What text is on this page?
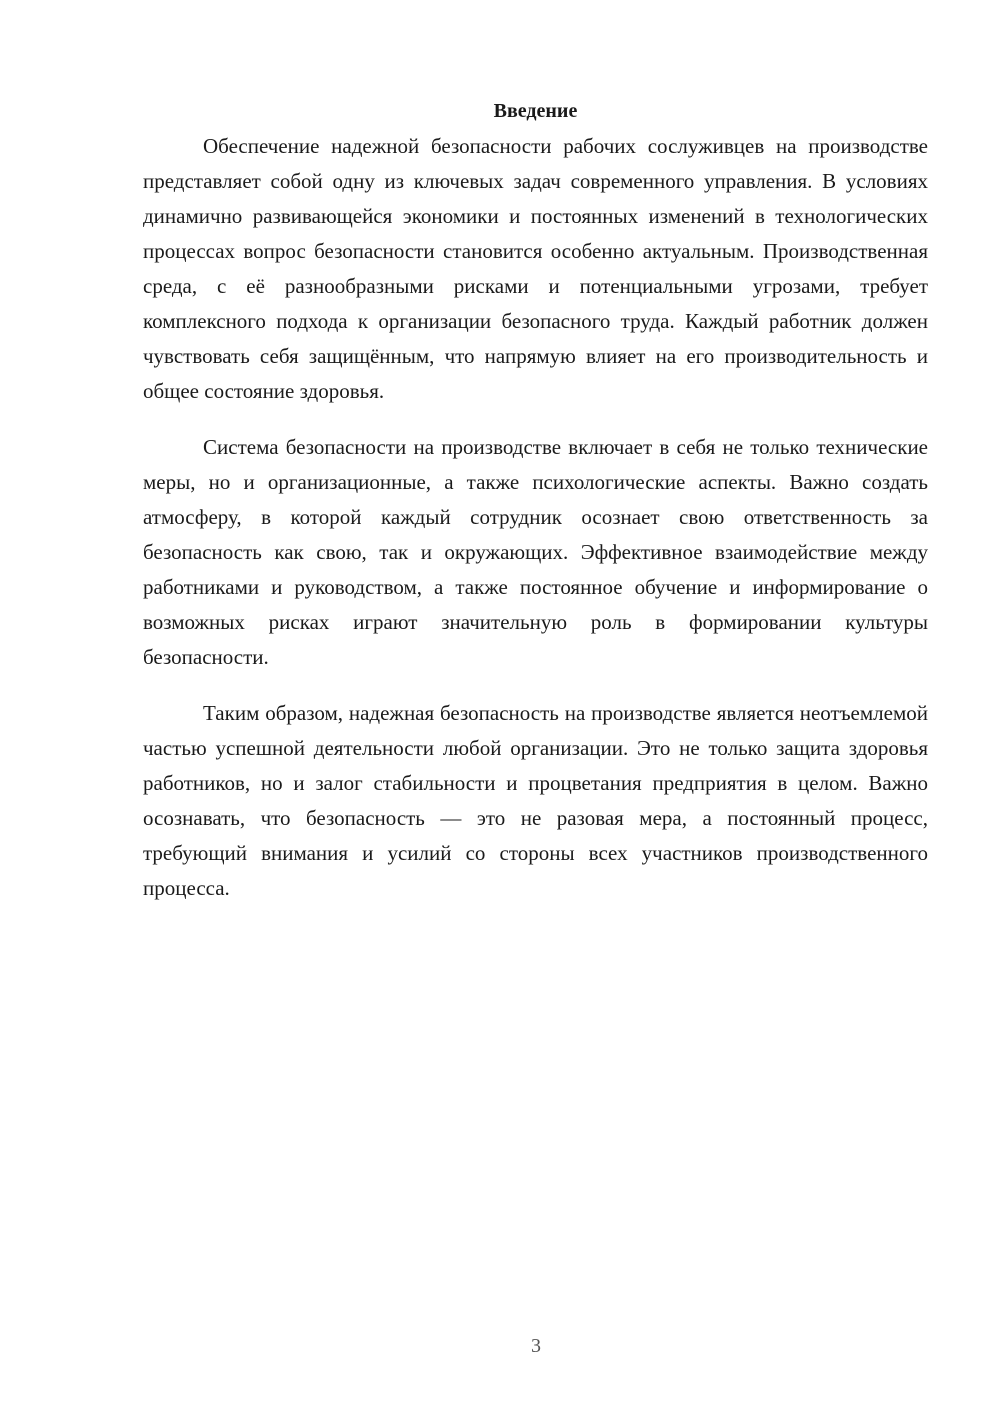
Введение

Обеспечение надежной безопасности рабочих сослуживцев на производстве представляет собой одну из ключевых задач современного управления. В условиях динамично развивающейся экономики и постоянных изменений в технологических процессах вопрос безопасности становится особенно актуальным. Производственная среда, с её разнообразными рисками и потенциальными угрозами, требует комплексного подхода к организации безопасного труда. Каждый работник должен чувствовать себя защищённым, что напрямую влияет на его производительность и общее состояние здоровья.

Система безопасности на производстве включает в себя не только технические меры, но и организационные, а также психологические аспекты. Важно создать атмосферу, в которой каждый сотрудник осознает свою ответственность за безопасность как свою, так и окружающих. Эффективное взаимодействие между работниками и руководством, а также постоянное обучение и информирование о возможных рисках играют значительную роль в формировании культуры безопасности.

Таким образом, надежная безопасность на производстве является неотъемлемой частью успешной деятельности любой организации. Это не только защита здоровья работников, но и залог стабильности и процветания предприятия в целом. Важно осознавать, что безопасность — это не разовая мера, а постоянный процесс, требующий внимания и усилий со стороны всех участников производственного процесса.

3
